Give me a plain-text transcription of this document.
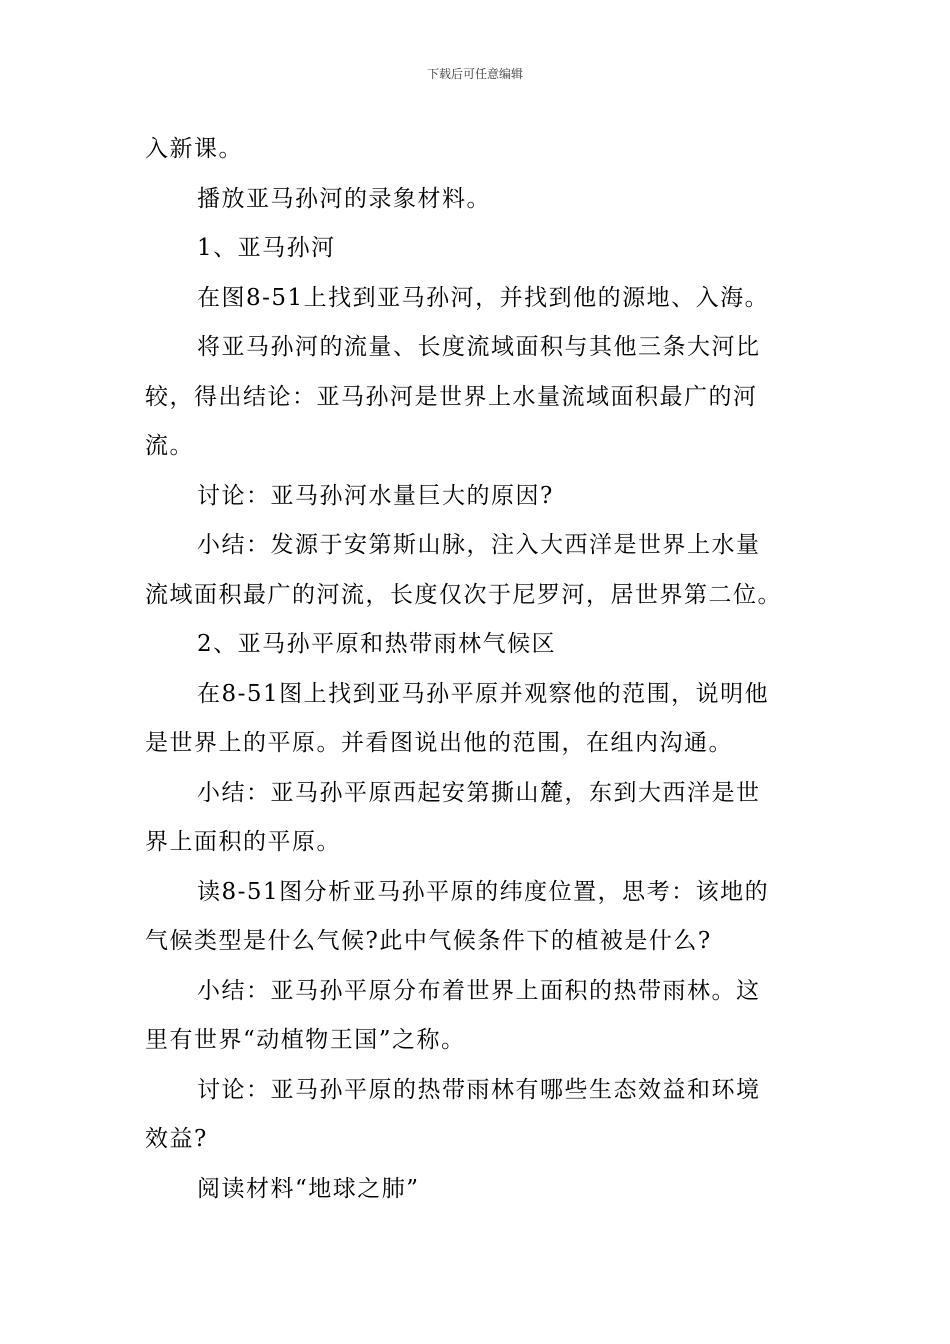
下载后可任意编辑
入新课。
播放亚马孙河的录象材料。
1、亚马孙河
在图8-51上找到亚马孙河，并找到他的源地、入海。
将亚马孙河的流量、长度流域面积与其他三条大河比
较，得出结论：亚马孙河是世界上水量流域面积最广的河
流。
讨论：亚马孙河水量巨大的原因?
小结：发源于安第斯山脉，注入大西洋是世界上水量
流域面积最广的河流，长度仅次于尼罗河，居世界第二位。
2、亚马孙平原和热带雨林气候区
在8-51图上找到亚马孙平原并观察他的范围，说明他
是世界上的平原。并看图说出他的范围，在组内沟通。
小结：亚马孙平原西起安第撕山麓，东到大西洋是世
界上面积的平原。
读8-51图分析亚马孙平原的纬度位置，思考：该地的
气候类型是什么气候?此中气候条件下的植被是什么?
小结：亚马孙平原分布着世界上面积的热带雨林。这
里有世界“动植物王国”之称。
讨论：亚马孙平原的热带雨林有哪些生态效益和环境
效益?
阅读材料“地球之肺”
